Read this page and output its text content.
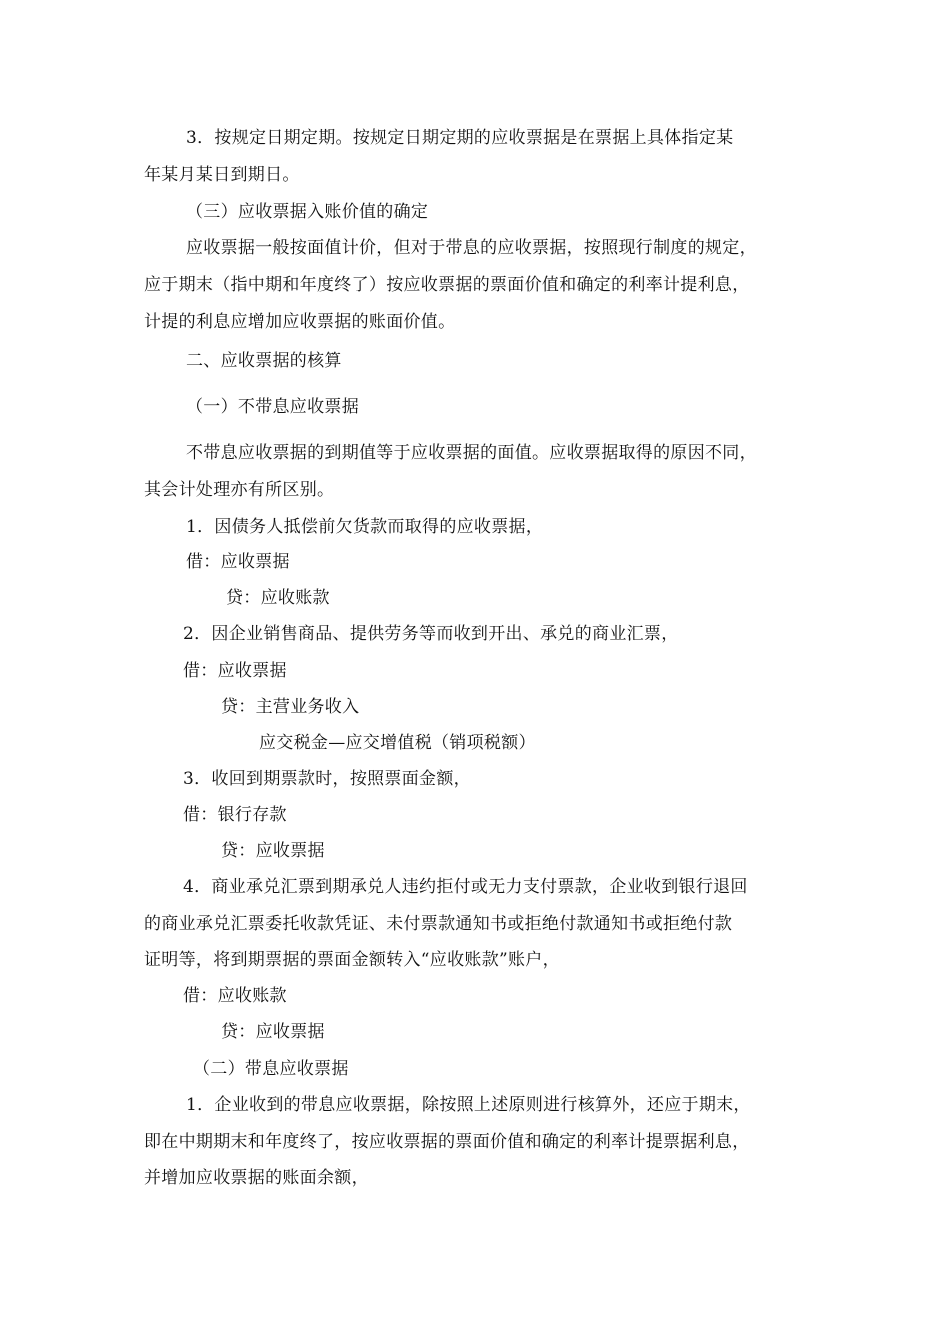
3．按规定日期定期。按规定日期定期的应收票据是在票据上具体指定某
年某月某日到期日。
（三）应收票据入账价值的确定
应收票据一般按面值计价，但对于带息的应收票据，按照现行制度的规定，
应于期末（指中期和年度终了）按应收票据的票面价值和确定的利率计提利息，
计提的利息应增加应收票据的账面价值。
二、应收票据的核算
（一）不带息应收票据
不带息应收票据的到期值等于应收票据的面值。应收票据取得的原因不同，
其会计处理亦有所区别。
1．因债务人抵偿前欠货款而取得的应收票据，
借：应收票据
贷：应收账款
2．因企业销售商品、提供劳务等而收到开出、承兑的商业汇票，
借：应收票据
贷：主营业务收入
应交税金—应交增值税（销项税额）
3．收回到期票款时，按照票面金额，
借：银行存款
贷：应收票据
4．商业承兑汇票到期承兑人违约拒付或无力支付票款，企业收到银行退回
的商业承兑汇票委托收款凭证、未付票款通知书或拒绝付款通知书或拒绝付款
证明等，将到期票据的票面金额转入“应收账款”账户，
借：应收账款
贷：应收票据
（二）带息应收票据
1．企业收到的带息应收票据，除按照上述原则进行核算外，还应于期末，
即在中期期末和年度终了，按应收票据的票面价值和确定的利率计提票据利息，
并增加应收票据的账面余额，
